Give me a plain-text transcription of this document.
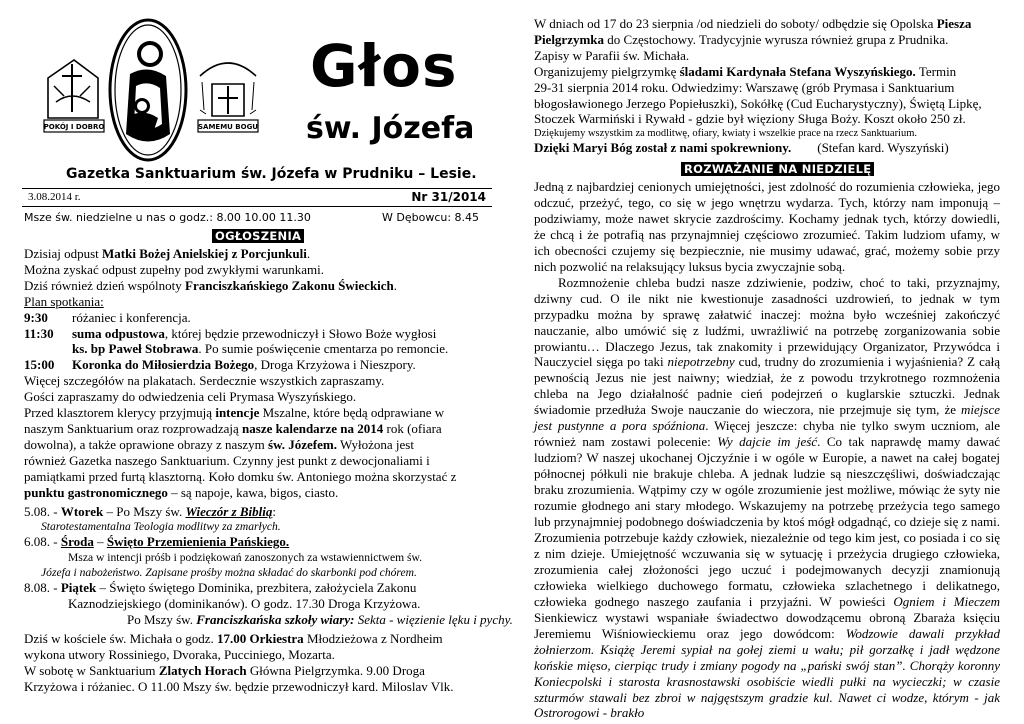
POKÓJ I DOBRO	SAMEMU BOGU
Głos
św. Józefa
Gazetka Sanktuarium św. Józefa w Prudniku – Lesie.
3.08.2014 r.	Nr 31/2014
Msze św. niedzielne u nas o godz.: 8.00 10.00 11.30	W Dębowcu: 8.45
OGŁOSZENIA
Dzisiaj odpust Matki Bożej Anielskiej z Porcjunkuli.
Można zyskać odpust zupełny pod zwykłymi warunkami.
Dziś również dzień wspólnoty Franciszkańskiego Zakonu Świeckich.
Plan spotkania:
9:30 różaniec i konferencja.
11:30 suma odpustowa, której będzie przewodniczył i Słowo Boże wygłosi
ks. bp Paweł Stobrawa. Po sumie poświęcenie cmentarza po remoncie.
15:00 Koronka do Miłosierdzia Bożego, Droga Krzyżowa i Nieszpory.
Więcej szczegółów na plakatach. Serdecznie wszystkich zapraszamy.
Gości zapraszamy do odwiedzenia celi Prymasa Wyszyńskiego.
Przed klasztorem klerycy przyjmują intencje Mszalne, które będą odprawiane w
naszym Sanktuarium oraz rozprowadzają nasze kalendarze na 2014 rok (ofiara
dowolna), a także oprawione obrazy z naszym św. Józefem. Wyłożona jest
również Gazetka naszego Sanktuarium. Czynny jest punkt z dewocjonaliami i
pamiątkami przed furtą klasztorną. Koło domku św. Antoniego można skorzystać z
punktu gastronomicznego – są napoje, kawa, bigos, ciasto.
5.08. - Wtorek – Po Mszy św. Wieczór z Biblią:
Starotestamentalna Teologia modlitwy za zmarłych.
6.08. - Środa – Święto Przemienienia Pańskiego.
Msza w intencji próśb i podziękowań zanoszonych za wstawiennictwem św.
Józefa i nabożeństwo. Zapisane prośby można składać do skarbonki pod chórem.
8.08. - Piątek – Święto świętego Dominika, prezbitera, założyciela Zakonu
Kaznodziejskiego (dominikanów). O godz. 17.30 Droga Krzyżowa.
Po Mszy św. Franciszkańska szkoły wiary: Sekta - więzienie lęku i pychy.
Dziś w kościele św. Michała o godz. 17.00 Orkiestra Młodzieżowa z Nordheim
wykona utwory Rossiniego, Dvoraka, Pucciniego, Mozarta.
W sobotę w Sanktuarium Zlatych Horach Główna Pielgrzymka. 9.00 Droga
Krzyżowa i różaniec. O 11.00 Mszy św. będzie przewodniczył kard. Miloslav Vlk.
W dniach od 17 do 23 sierpnia /od niedzieli do soboty/ odbędzie się Opolska Piesza
Pielgrzymka do Częstochowy. Tradycyjnie wyrusza również grupa z Prudnika.
Zapisy w Parafii św. Michała.
Organizujemy pielgrzymkę śladami Kardynała Stefana Wyszyńskiego. Termin
29-31 sierpnia 2014 roku. Odwiedzimy: Warszawę (grób Prymasa i Sanktuarium
błogosławionego Jerzego Popiełuszki), Sokółkę (Cud Eucharystyczny), Świętą Lipkę,
Stoczek Warmiński i Rywałd - gdzie był więziony Sługa Boży. Koszt około 250 zł.
Dziękujemy wszystkim za modlitwę, ofiary, kwiaty i wszelkie prace na rzecz Sanktuarium.
Dzięki Maryi Bóg został z nami spokrewniony. (Stefan kard. Wyszyński)
ROZWAŻANIE NA NIEDZIELĘ
Jedną z najbardziej cenionych umiejętności, jest zdolność do rozumienia człowieka, jego odczuć, przeżyć, tego, co się w jego wnętrzu wydarza. Tych, którzy nam imponują – podziwiamy, może nawet skrycie zazdrościmy. Kochamy jednak tych, którzy dowiedli, że chcą i że potrafią nas przynajmniej częściowo zrozumieć. Takim ludziom ufamy, w ich obecności czujemy się bezpiecznie, nie musimy udawać, grać, możemy sobie przy nich pozwolić na relaksujący luksus bycia zwyczajnie sobą.
Rozmnożenie chleba budzi nasze zdziwienie, podziw, choć to taki, przyznajmy, dziwny cud. O ile nikt nie kwestionuje zasadności uzdrowień, to jednak w tym przypadku można by sprawę załatwić inaczej: można było wcześniej zakończyć nauczanie, albo umówić się z ludźmi, uwrażliwić na potrzebę zorganizowania sobie prowiantu… Dlaczego Jezus, tak znakomity i przewidujący Organizator, Przywódca i Nauczyciel sięga po taki niepotrzebny cud, trudny do zrozumienia i wyjaśnienia? Z całą pewnością Jezus nie jest naiwny; wiedział, że z powodu trzykrotnego rozmnożenia chleba na Jego działalność padnie cień podejrzeń o kuglarskie sztuczki. Jednak świadomie przedłuża Swoje nauczanie do wieczora, nie przejmuje się tym, że miejsce jest pustynne a pora spóźniona. Więcej jeszcze: chyba nie tylko swym uczniom, ale również nam zostawi polecenie: Wy dajcie im jeść. Co tak naprawdę mamy dawać ludziom? W naszej ukochanej Ojczyźnie i w ogóle w Europie, a nawet na całej bogatej północnej półkuli nie brakuje chleba. A jednak ludzie są nieszczęśliwi, doświadczając braku zrozumienia. Wątpimy czy w ogóle zrozumienie jest możliwe, mówiąc że syty nie rozumie głodnego ani stary młodego. Wskazujemy na potrzebę przeżycia tego samego lub przynajmniej podobnego doświadczenia by ktoś mógł odgadnąć, co dzieje się z nami. Zrozumienia potrzebuje każdy człowiek, niezależnie od tego kim jest, co posiada i co się z nim dzieje. Umiejętność wczuwania się w sytuację i przeżycia drugiego człowieka, zrozumienia całej złożoności jego uczuć i podejmowanych decyzji znamionują człowieka wielkiego duchowego formatu, człowieka szlachetnego i delikatnego, człowieka godnego naszego zaufania i przyjaźni. W powieści Ogniem i Mieczem Sienkiewicz wystawi wspaniałe świadectwo dowodzącemu obroną Zbaraża księciu Jeremiemu Wiśniowieckiemu oraz jego dowódcom: Wodzowie dawali przykład żołnierzom. Książę Jeremi sypiał na gołej ziemi u wału; pił gorzałkę i jadł wędzone końskie mięso, cierpiąc trudy i zmiany pogody na „pański swój stan”. Chorąży koronny Koniecpolski i starosta krasnostawski osobiście wiedli pułki na wycieczki; w czasie szturmów stawali bez zbroi w najgęstszym gradzie kul. Nawet ci wodze, którym - jak Ostrorogowi - brakło
